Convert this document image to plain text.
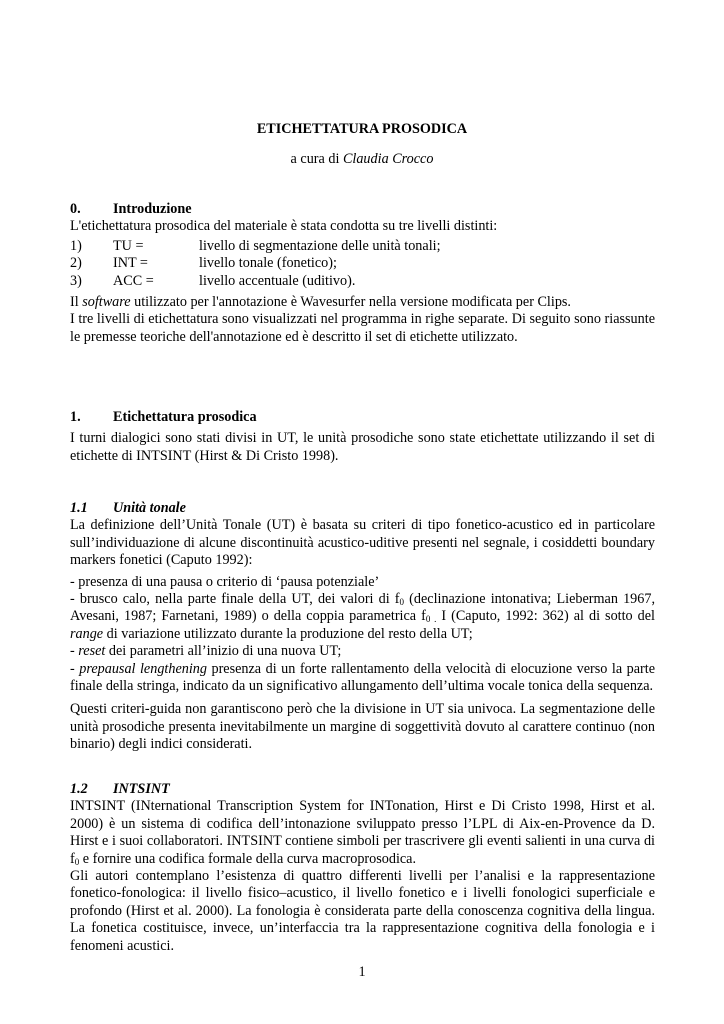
ETICHETTATURA PROSODICA
a cura di Claudia Crocco
0. Introduzione

L'etichettatura prosodica del materiale è stata condotta su tre livelli distinti:

1)	TU =	livello di segmentazione delle unità tonali;
2)	INT =	livello tonale (fonetico);
3)	ACC =	livello accentuale (uditivo).

Il software utilizzato per l'annotazione è Wavesurfer nella versione modificata per Clips.

I tre livelli di etichettatura sono visualizzati nel programma in righe separate. Di seguito sono riassunte le premesse teoriche dell'annotazione ed è descritto il set di etichette utilizzato.

1. Etichettatura prosodica

I turni dialogici sono stati divisi in UT, le unità prosodiche sono state etichettate utilizzando il set di etichette di INTSINT (Hirst & Di Cristo 1998).

1.1 Unità tonale

La definizione dell’Unità Tonale (UT) è basata su criteri di tipo fonetico-acustico ed in particolare sull’individuazione di alcune discontinuità acustico-uditive presenti nel segnale, i cosiddetti boundary markers fonetici (Caputo 1992):

- presenza di una pausa o criterio di ‘pausa potenziale’

- brusco calo, nella parte finale della UT, dei valori di $f_0$ (declinazione intonativa; Lieberman 1967, Avesani, 1987; Farnetani, 1989) o della coppia parametrica $f_{0 .}$ I (Caputo, 1992: 362) al di sotto del range di variazione utilizzato durante la produzione del resto della UT;

- reset dei parametri all’inizio di una nuova UT;

- prepausal lengthening presenza di un forte rallentamento della velocità di elocuzione verso la parte finale della stringa, indicato da un significativo allungamento dell’ultima vocale tonica della sequenza.

Questi criteri-guida non garantiscono però che la divisione in UT sia univoca. La segmentazione delle unità prosodiche presenta inevitabilmente un margine di soggettività dovuto al carattere continuo (non binario) degli indici considerati.

1.2 INTSINT

INTSINT (INternational Transcription System for INTonation, Hirst e Di Cristo 1998, Hirst et al. 2000) è un sistema di codifica dell’intonazione sviluppato presso l’LPL di Aix-en-Provence da D. Hirst e i suoi collaboratori. INTSINT contiene simboli per trascrivere gli eventi salienti in una curva di $f_0$ e fornire una codifica formale della curva macroprosodica.

Gli autori contemplano l’esistenza di quattro differenti livelli per l’analisi e la rappresentazione fonetico-fonologica: il livello fisico–acustico, il livello fonetico e i livelli fonologici superficiale e profondo (Hirst et al. 2000). La fonologia è considerata parte della conoscenza cognitiva della lingua. La fonetica costituisce, invece, un’interfaccia tra la rappresentazione cognitiva della fonologia e i fenomeni acustici.

1
